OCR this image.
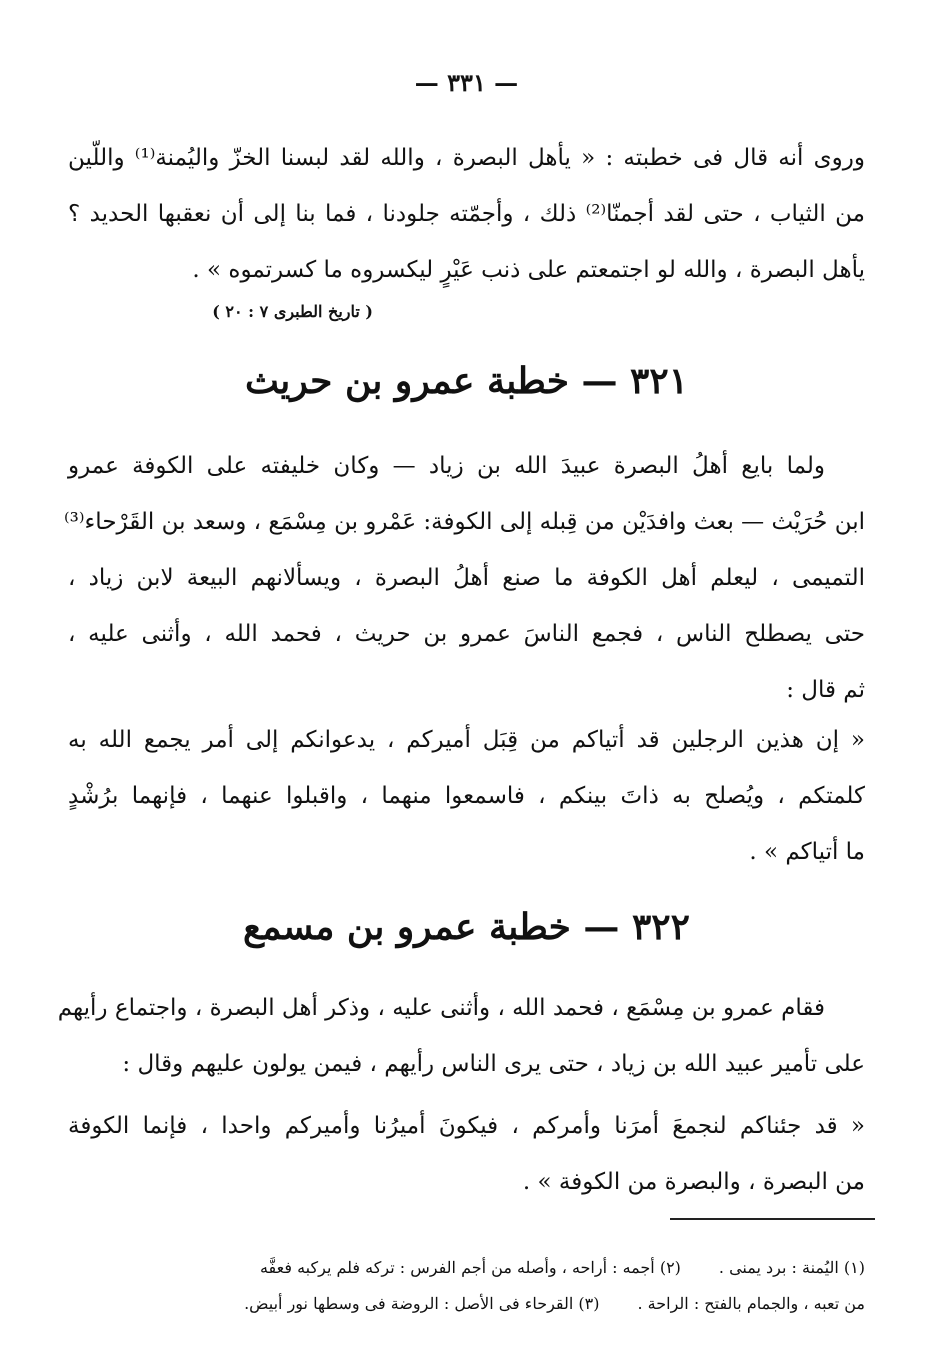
— ٣٣١ —
وروى أنه قال فى خطبته : « يأهل البصرة ، والله لقد لبسنا الخزّ واليُمنة⁽¹⁾ واللّين
من الثياب ، حتى لقد أجمنّا⁽²⁾ ذلك ، وأجمّته جلودنا ، فما بنا إلى أن نعقبها الحديد ؟
يأهل البصرة ، والله لو اجتمعتم على ذنب عَيْرٍ ليكسروه ما كسرتموه » .
( تاريخ الطبرى ٧ : ٢٠ )
٣٢١ — خطبة عمرو بن حريث
ولما بايع أهلُ البصرة عبيدَ الله بن زياد — وكان خليفته على الكوفة عمرو
ابن حُرَيْث — بعث وافدَيْن من قِبله إلى الكوفة: عَمْرو بن مِسْمَع ، وسعد بن القَرْحاء⁽³⁾
التميمى ، ليعلم أهل الكوفة ما صنع أهلُ البصرة ، ويسألانهم البيعة لابن زياد ،
حتى يصطلح الناس ، فجمع الناسَ عمرو بن حريث ، فحمد الله ، وأثنى عليه ،
ثم قال :
« إن هذين الرجلين قد أتياكم من قِبَل أميركم ، يدعوانكم إلى أمر يجمع الله به
كلمتكم ، ويُصلح به ذاتَ بينكم ، فاسمعوا منهما ، واقبلوا عنهما ، فإنهما برُشْدٍ
ما أتياكم » .
٣٢٢ — خطبة عمرو بن مسمع
فقام عمرو بن مِسْمَع ، فحمد الله ، وأثنى عليه ، وذكر أهل البصرة ، واجتماع رأيهم
على تأمير عبيد الله بن زياد ، حتى يرى الناس رأيهم ، فيمن يولون عليهم وقال :
« قد جئناكم لنجمعَ أمرَنا وأمركم ، فيكونَ أميرُنا وأميركم واحدا ، فإنما الكوفة
من البصرة ، والبصرة من الكوفة » .
(١) اليُمنة : برد يمنى .(٢) أجمه : أراحه ، وأصله من أجم الفرس : تركه فلم يركبه فعفَّه
من تعبه ، والجمام بالفتح : الراحة .(٣) القرحاء فى الأصل : الروضة فى وسطها نور أبيض.
